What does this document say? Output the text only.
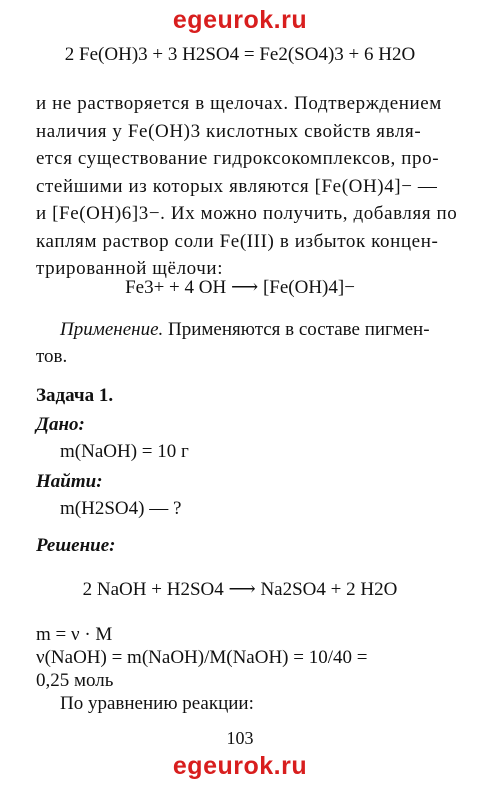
egeurok.ru
2 Fe(OH)3 + 3 H2SO4 = Fe2(SO4)3 + 6 H2O
и не растворяется в щелочах. Подтверждением
наличия у Fe(OH)3 кислотных свойств явля-
ется существование гидроксокомплексов, про-
стейшими из которых являются [Fe(OH)4]− —
и [Fe(OH)6]3−. Их можно получить, добавляя по
каплям раствор соли Fe(III) в избыток концен-
трированной щёлочи:
Fe3+ + 4 OH ⟶ [Fe(OH)4]−
Применение. Применяются в составе пигмен-
тов.
Задача 1.
Дано:
m(NaOH) = 10 г
Найти:
m(H2SO4) — ?
Решение:
2 NaOH + H2SO4 ⟶ Na2SO4 + 2 H2O
m = ν · M
ν(NaOH) = m(NaOH)/M(NaOH) = 10/40 =
0,25 моль
По уравнению реакции:
103
egeurok.ru
